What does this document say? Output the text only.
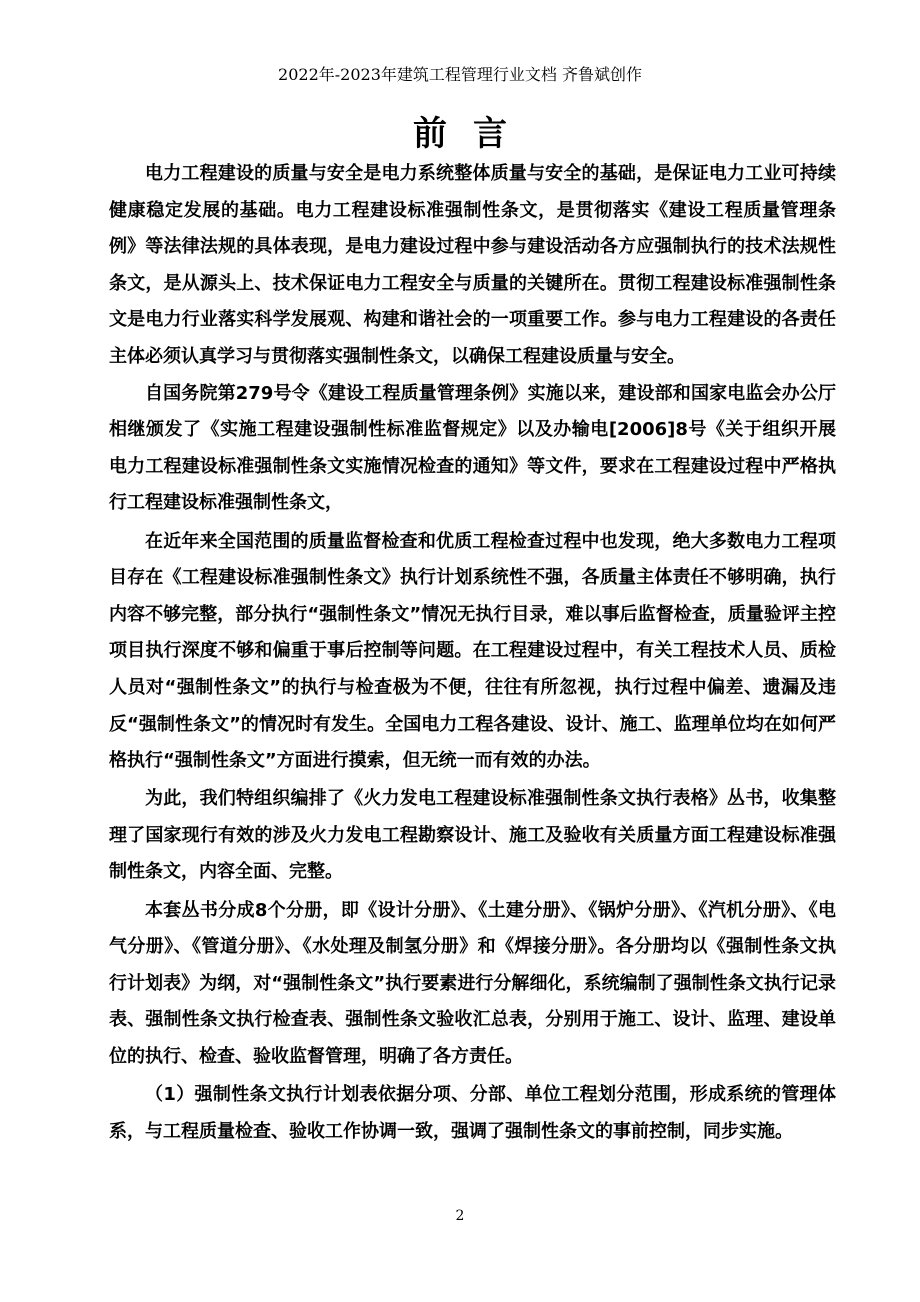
2022年-2023年建筑工程管理行业文档 齐鲁斌创作
前言

电力工程建设的质量与安全是电力系统整体质量与安全的基础，是保证电力工业可持续健康稳定发展的基础。电力工程建设标准强制性条文，是贯彻落实《建设工程质量管理条例》等法律法规的具体表现，是电力建设过程中参与建设活动各方应强制执行的技术法规性条文，是从源头上、技术保证电力工程安全与质量的关键所在。贯彻工程建设标准强制性条文是电力行业落实科学发展观、构建和谐社会的一项重要工作。参与电力工程建设的各责任主体必须认真学习与贯彻落实强制性条文，以确保工程建设质量与安全。

自国务院第279号令《建设工程质量管理条例》实施以来，建设部和国家电监会办公厅相继颁发了《实施工程建设强制性标准监督规定》以及办输电[2006]8号《关于组织开展电力工程建设标准强制性条文实施情况检查的通知》等文件，要求在工程建设过程中严格执行工程建设标准强制性条文，

在近年来全国范围的质量监督检查和优质工程检查过程中也发现，绝大多数电力工程项目存在《工程建设标准强制性条文》执行计划系统性不强，各质量主体责任不够明确，执行内容不够完整，部分执行“强制性条文”情况无执行目录，难以事后监督检查，质量验评主控项目执行深度不够和偏重于事后控制等问题。在工程建设过程中，有关工程技术人员、质检人员对“强制性条文”的执行与检查极为不便，往往有所忽视，执行过程中偏差、遗漏及违反“强制性条文”的情况时有发生。全国电力工程各建设、设计、施工、监理单位均在如何严格执行“强制性条文”方面进行摸索，但无统一而有效的办法。

为此，我们特组织编排了《火力发电工程建设标准强制性条文执行表格》丛书，收集整理了国家现行有效的涉及火力发电工程勘察设计、施工及验收有关质量方面工程建设标准强制性条文，内容全面、完整。

本套丛书分成8个分册，即《设计分册》、《土建分册》、《锅炉分册》、《汽机分册》、《电气分册》、《管道分册》、《水处理及制氢分册》和《焊接分册》。各分册均以《强制性条文执行计划表》为纲，对“强制性条文”执行要素进行分解细化，系统编制了强制性条文执行记录表、强制性条文执行检查表、强制性条文验收汇总表，分别用于施工、设计、监理、建设单位的执行、检查、验收监督管理，明确了各方责任。

（1）强制性条文执行计划表依据分项、分部、单位工程划分范围，形成系统的管理体系，与工程质量检查、验收工作协调一致，强调了强制性条文的事前控制，同步实施。

2
